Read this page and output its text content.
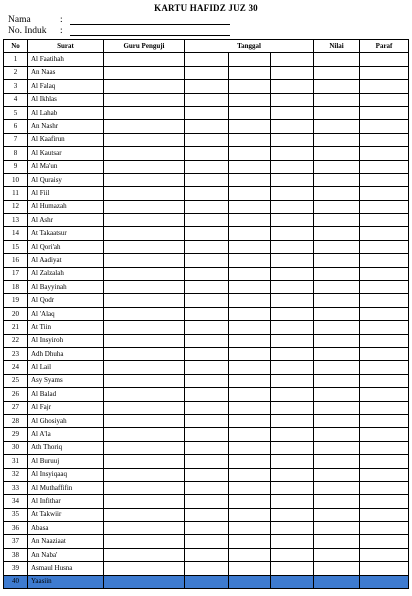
KARTU HAFIDZ JUZ 30
Nama	:
No. Induk :
No	Surat	Guru Penguji	Tanggal			Nilai	Paraf
1	Al Faatihah						
2	An Naas						
3	Al Falaq						
4	Al Ikhlas						
5	Al Lahab						
6	An Nashr						
7	Al Kaafirun						
8	Al Kautsar						
9	Al Ma'un						
10	Al Quraisy						
11	Al Fiil						
12	Al Humazah						
13	Al Ashr						
14	At Takaatsur						
15	Al Qori'ah						
16	Al Aadiyat						
17	Al Zalzalah						
18	Al Bayyinah						
19	Al Qodr						
20	Al 'Alaq						
21	At Tiin						
22	Al Insyiroh						
23	Adh Dhuha						
24	Al Lail						
25	Asy Syams						
26	Al Balad						
27	Al Fajr						
28	Al Ghosiyah						
29	Al A'la						
30	Ath Thoriq						
31	Al Buruuj						
32	Al Insyiqaaq						
33	Al Muthaffifin						
34	Al Infithar						
35	At Takwiir						
36	Abasa						
37	An Naaziaat						
38	An Naba'						
39	Asmaul Husna						
40	Yaasiin						
